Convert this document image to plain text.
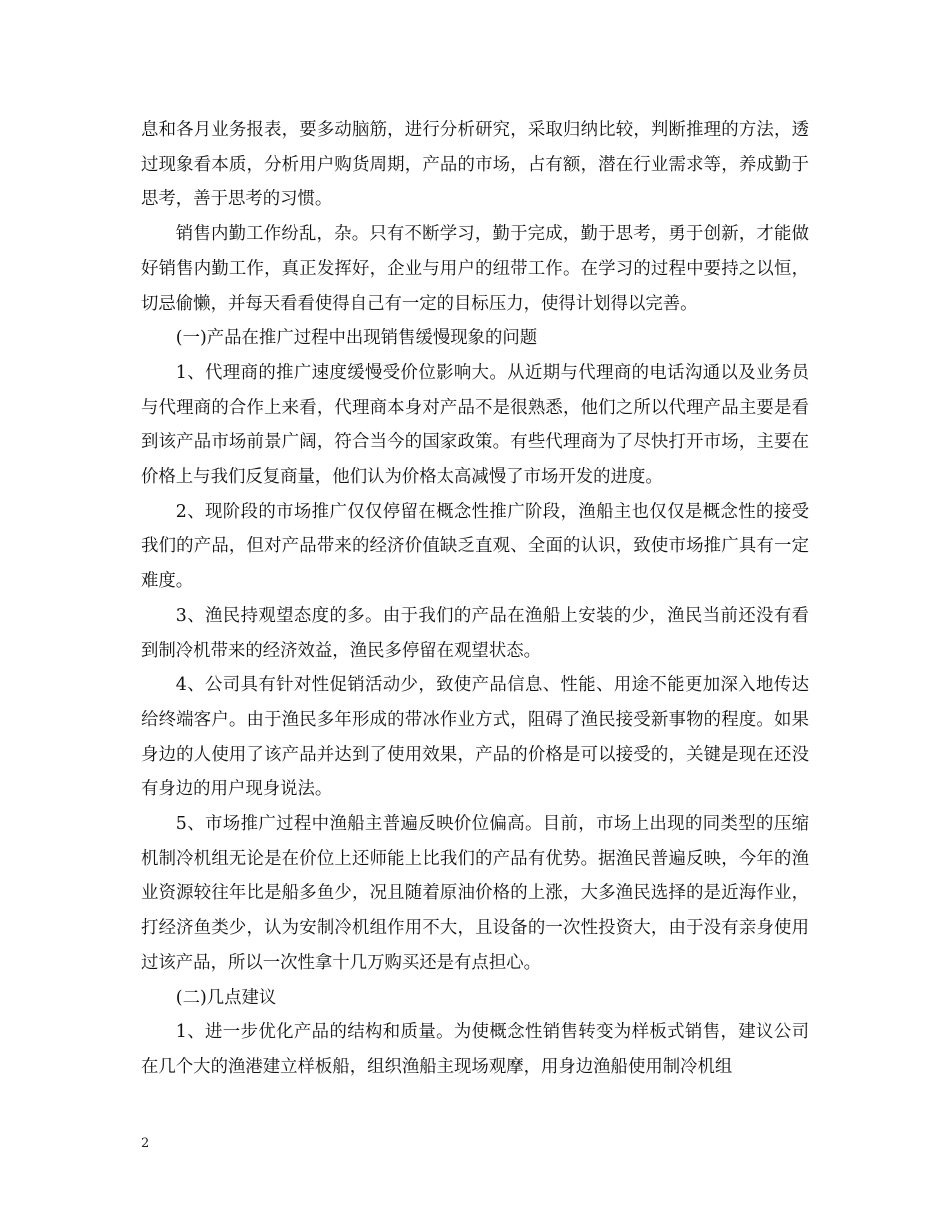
息和各月业务报表，要多动脑筋，进行分析研究，采取归纳比较，判断推理的方法，透过现象看本质，分析用户购货周期，产品的市场，占有额，潜在行业需求等，养成勤于思考，善于思考的习惯。

销售内勤工作纷乱，杂。只有不断学习，勤于完成，勤于思考，勇于创新，才能做好销售内勤工作，真正发挥好，企业与用户的纽带工作。在学习的过程中要持之以恒，切忌偷懒，并每天看看使得自己有一定的目标压力，使得计划得以完善。

(一)产品在推广过程中出现销售缓慢现象的问题

1、代理商的推广速度缓慢受价位影响大。从近期与代理商的电话沟通以及业务员与代理商的合作上来看，代理商本身对产品不是很熟悉，他们之所以代理产品主要是看到该产品市场前景广阔，符合当今的国家政策。有些代理商为了尽快打开市场，主要在价格上与我们反复商量，他们认为价格太高减慢了市场开发的进度。

2、现阶段的市场推广仅仅停留在概念性推广阶段，渔船主也仅仅是概念性的接受我们的产品，但对产品带来的经济价值缺乏直观、全面的认识，致使市场推广具有一定难度。

3、渔民持观望态度的多。由于我们的产品在渔船上安装的少，渔民当前还没有看到制冷机带来的经济效益，渔民多停留在观望状态。

4、公司具有针对性促销活动少，致使产品信息、性能、用途不能更加深入地传达给终端客户。由于渔民多年形成的带冰作业方式，阻碍了渔民接受新事物的程度。如果身边的人使用了该产品并达到了使用效果，产品的价格是可以接受的，关键是现在还没有身边的用户现身说法。

5、市场推广过程中渔船主普遍反映价位偏高。目前，市场上出现的同类型的压缩机制冷机组无论是在价位上还师能上比我们的产品有优势。据渔民普遍反映，今年的渔业资源较往年比是船多鱼少，况且随着原油价格的上涨，大多渔民选择的是近海作业，打经济鱼类少，认为安制冷机组作用不大，且设备的一次性投资大，由于没有亲身使用过该产品，所以一次性拿十几万购买还是有点担心。

(二)几点建议

1、进一步优化产品的结构和质量。为使概念性销售转变为样板式销售，建议公司在几个大的渔港建立样板船，组织渔船主现场观摩，用身边渔船使用制冷机组

2
